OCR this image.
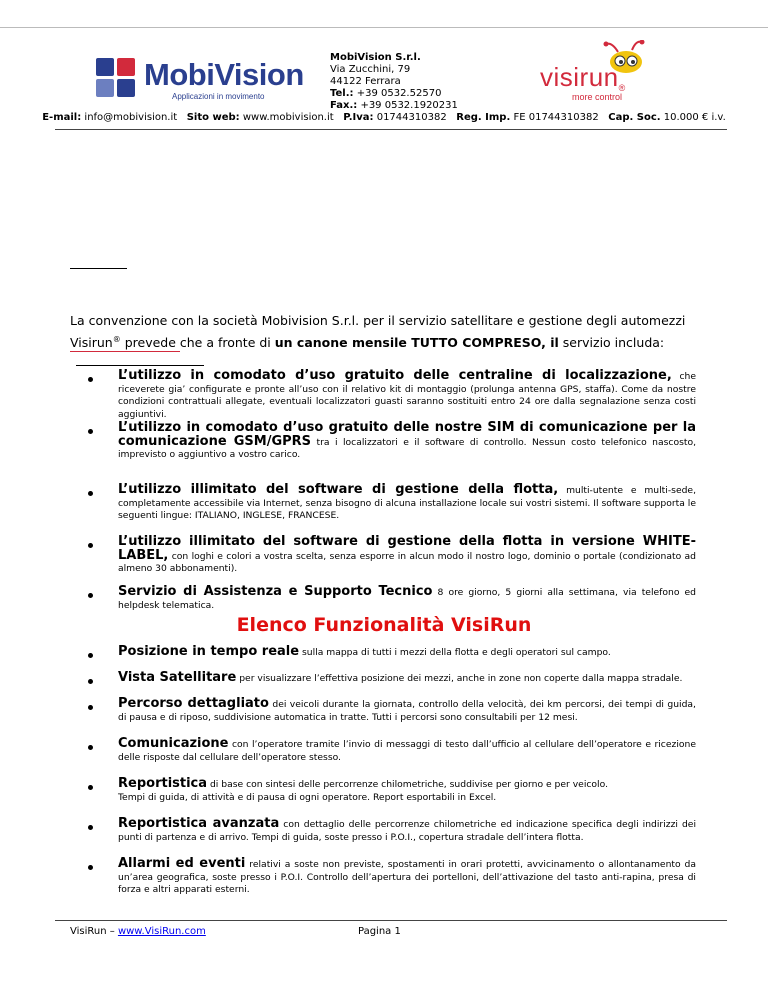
MobiVision
Applicazioni in movimento
MobiVision S.r.l.
Via Zucchini, 79
44122 Ferrara
Tel.: +39 0532.52570
Fax.: +39 0532.1920231
visirun®
more control
E-mail: info@mobivision.it Sito web: www.mobivision.it P.Iva: 01744310382 Reg. Imp. FE 01744310382 Cap. Soc. 10.000 € i.v.
La convenzione con la società Mobivision S.r.l. per il servizio satellitare e gestione degli automezzi Visirun® prevede che a fronte di un canone mensile TUTTO COMPRESO, il servizio includa:
L’utilizzo in comodato d’uso gratuito delle centraline di localizzazione, che riceverete gia’ configurate e pronte all’uso con il relativo kit di montaggio (prolunga antenna GPS, staffa). Come da nostre condizioni contrattuali allegate, eventuali localizzatori guasti saranno sostituiti entro 24 ore dalla segnalazione senza costi aggiuntivi.
L’utilizzo in comodato d’uso gratuito delle nostre SIM di comunicazione per la comunicazione GSM/GPRS tra i localizzatori e il software di controllo. Nessun costo telefonico nascosto, imprevisto o aggiuntivo a vostro carico.
L’utilizzo illimitato del software di gestione della flotta, multi-utente e multi-sede, completamente accessibile via Internet, senza bisogno di alcuna installazione locale sui vostri sistemi. Il software supporta le seguenti lingue: ITALIANO, INGLESE, FRANCESE.
L’utilizzo illimitato del software di gestione della flotta in versione WHITE-LABEL, con loghi e colori a vostra scelta, senza esporre in alcun modo il nostro logo, dominio o portale (condizionato ad almeno 30 abbonamenti).
Servizio di Assistenza e Supporto Tecnico 8 ore giorno, 5 giorni alla settimana, via telefono ed helpdesk telematica.
Elenco Funzionalità VisiRun
Posizione in tempo reale sulla mappa di tutti i mezzi della flotta e degli operatori sul campo.
Vista Satellitare per visualizzare l’effettiva posizione dei mezzi, anche in zone non coperte dalla mappa stradale.
Percorso dettagliato dei veicoli durante la giornata, controllo della velocità, dei km percorsi, dei tempi di guida, di pausa e di riposo, suddivisione automatica in tratte. Tutti i percorsi sono consultabili per 12 mesi.
Comunicazione con l’operatore tramite l’invio di messaggi di testo dall’ufficio al cellulare dell’operatore e ricezione delle risposte dal cellulare dell’operatore stesso.
Reportistica di base con sintesi delle percorrenze chilometriche, suddivise per giorno e per veicolo.
Tempi di guida, di attività e di pausa di ogni operatore. Report esportabili in Excel.
Reportistica avanzata con dettaglio delle percorrenze chilometriche ed indicazione specifica degli indirizzi dei punti di partenza e di arrivo. Tempi di guida, soste presso i P.O.I., copertura stradale dell’intera flotta.
Allarmi ed eventi relativi a soste non previste, spostamenti in orari protetti, avvicinamento o allontanamento da un’area geografica, soste presso i P.O.I. Controllo dell’apertura dei portelloni, dell’attivazione del tasto anti-rapina, presa di forza e altri apparati esterni.
VisiRun – www.VisiRun.com	Pagina 1
